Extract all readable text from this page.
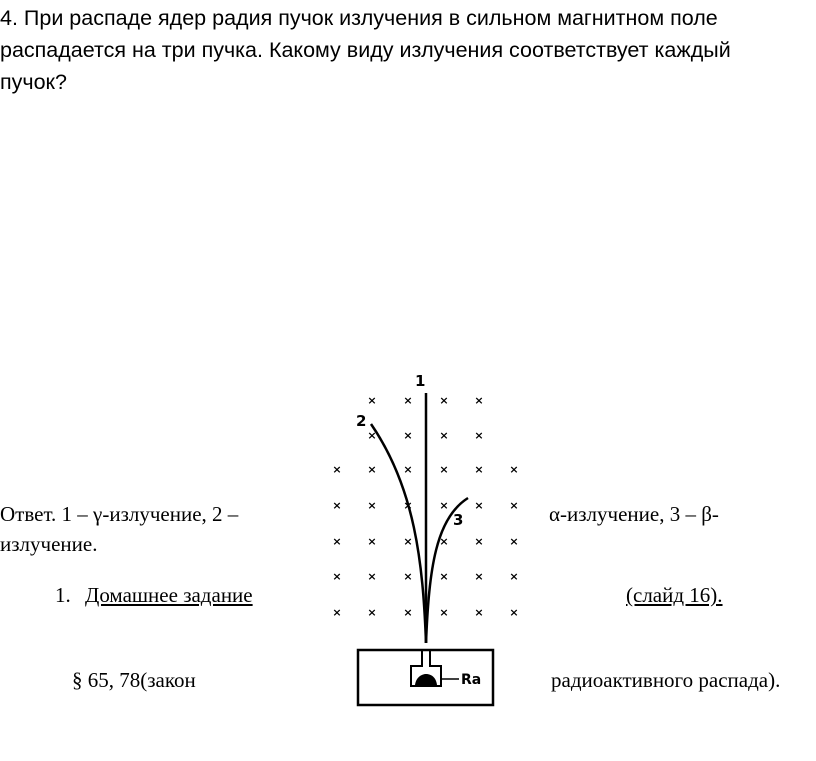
4. При распаде ядер радия пучок излучения в сильном магнитном поле
распадается на три пучка. Какому виду излучения соответствует каждый
пучок?
Ответ. 1 – γ-излучение, 2 –	α-излучение, 3 – β-
излучение.
1. Домашнее задание	(слайд 16).
§ 65, 78(закон	радиоактивного распада).
× × × ×
× × × ×
× × × × × ×
× × × × × ×
× × × × × ×
× × × × × ×
× × × × × ×
1
2
3
Ra
